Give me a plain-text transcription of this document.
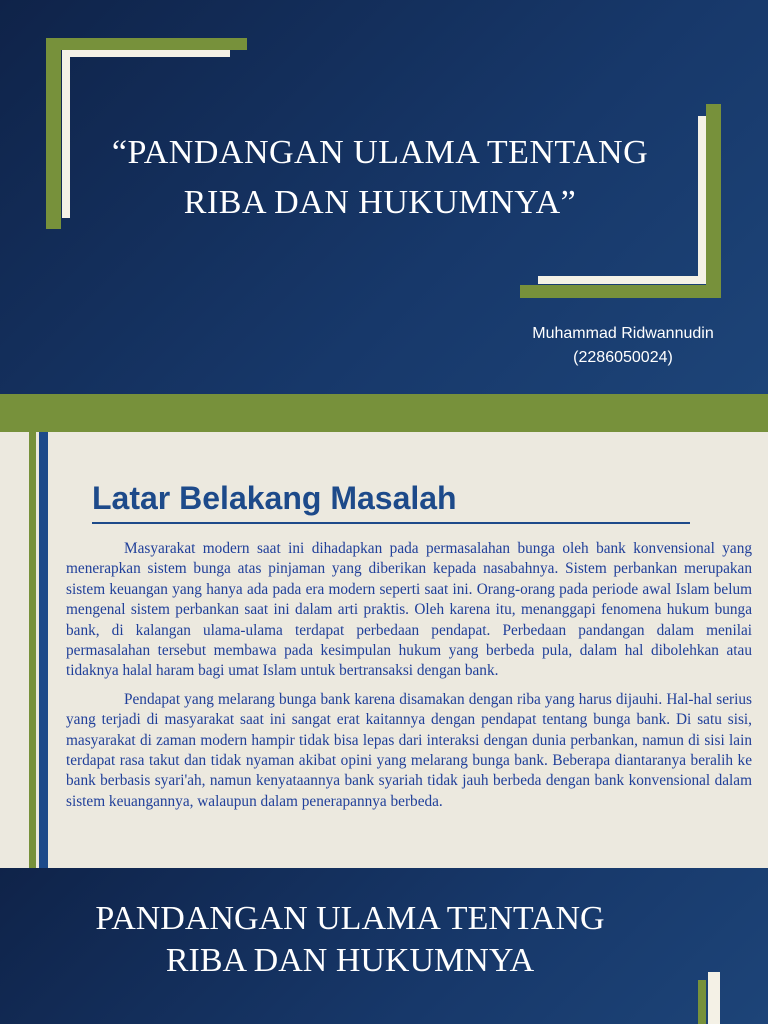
“PANDANGAN ULAMA TENTANG
RIBA DAN HUKUMNYA”
Muhammad Ridwannudin
(2286050024)
Latar Belakang Masalah

Masyarakat modern saat ini dihadapkan pada permasalahan bunga oleh bank konvensional yang menerapkan sistem bunga atas pinjaman yang diberikan kepada nasabahnya. Sistem perbankan merupakan sistem keuangan yang hanya ada pada era modern seperti saat ini. Orang-orang pada periode awal Islam belum mengenal sistem perbankan saat ini dalam arti praktis. Oleh karena itu, menanggapi fenomena hukum bunga bank, di kalangan ulama-ulama terdapat perbedaan pendapat. Perbedaan pandangan dalam menilai permasalahan tersebut membawa pada kesimpulan hukum yang berbeda pula, dalam hal dibolehkan atau tidaknya halal haram bagi umat Islam untuk bertransaksi dengan bank.

Pendapat yang melarang bunga bank karena disamakan dengan riba yang harus dijauhi. Hal-hal serius yang terjadi di masyarakat saat ini sangat erat kaitannya dengan pendapat tentang bunga bank. Di satu sisi, masyarakat di zaman modern hampir tidak bisa lepas dari interaksi dengan dunia perbankan, namun di sisi lain terdapat rasa takut dan tidak nyaman akibat opini yang melarang bunga bank. Beberapa diantaranya beralih ke bank berbasis syari'ah, namun kenyataannya bank syariah tidak jauh berbeda dengan bank konvensional dalam sistem keuangannya, walaupun dalam penerapannya berbeda.

PANDANGAN ULAMA TENTANG
RIBA DAN HUKUMNYA
